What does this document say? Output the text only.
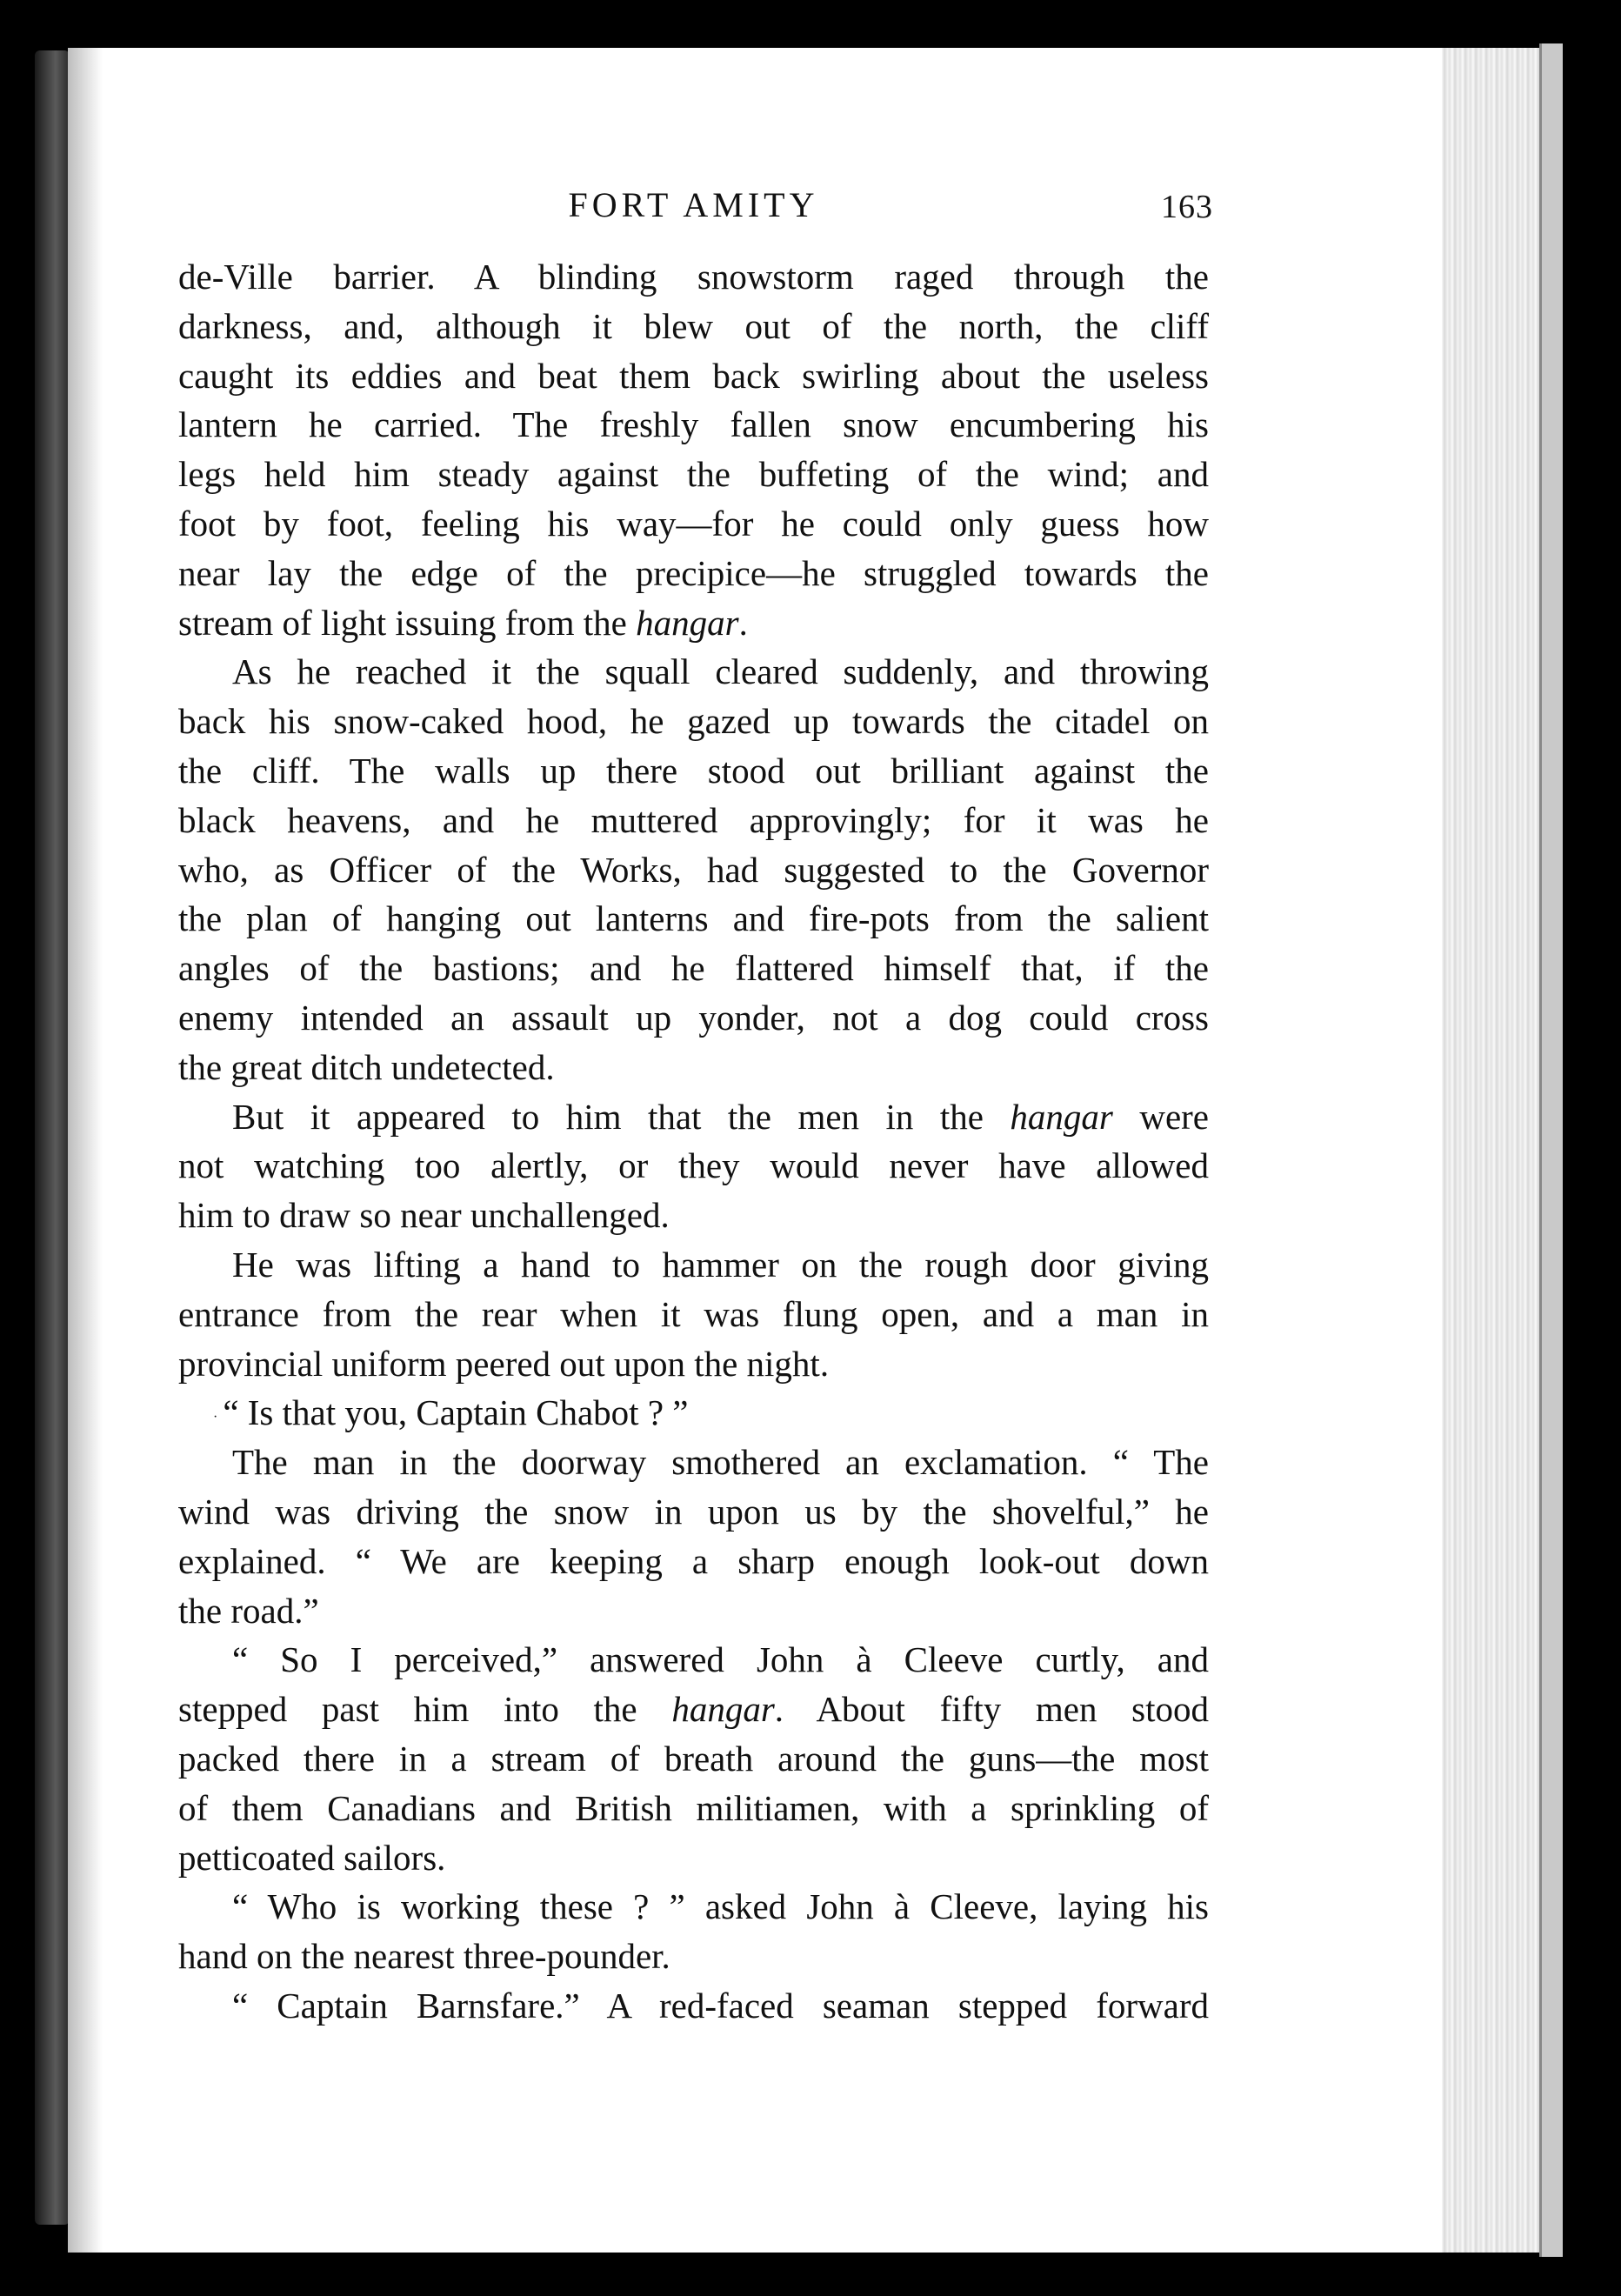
FORT AMITY	163
de-Ville barrier. A blinding snowstorm raged through the
darkness, and, although it blew out of the north, the cliff
caught its eddies and beat them back swirling about the useless
lantern he carried. The freshly fallen snow encumbering his
legs held him steady against the buffeting of the wind; and
foot by foot, feeling his way—for he could only guess how
near lay the edge of the precipice—he struggled towards the
stream of light issuing from the hangar.
As he reached it the squall cleared suddenly, and throwing
back his snow-caked hood, he gazed up towards the citadel on
the cliff. The walls up there stood out brilliant against the
black heavens, and he muttered approvingly; for it was he
who, as Officer of the Works, had suggested to the Governor
the plan of hanging out lanterns and fire-pots from the salient
angles of the bastions; and he flattered himself that, if the
enemy intended an assault up yonder, not a dog could cross
the great ditch undetected.
But it appeared to him that the men in the hangar were
not watching too alertly, or they would never have allowed
him to draw so near unchallenged.
He was lifting a hand to hammer on the rough door giving
entrance from the rear when it was flung open, and a man in
provincial uniform peered out upon the night.
· “ Is that you, Captain Chabot ? ”
The man in the doorway smothered an exclamation. “ The
wind was driving the snow in upon us by the shovelful,” he
explained. “ We are keeping a sharp enough look-out down
the road.”
“ So I perceived,” answered John à Cleeve curtly, and
stepped past him into the hangar. About fifty men stood
packed there in a stream of breath around the guns—the most
of them Canadians and British militiamen, with a sprinkling of
petticoated sailors.
“ Who is working these ? ” asked John à Cleeve, laying his
hand on the nearest three-pounder.
“ Captain Barnsfare.” A red-faced seaman stepped forward
